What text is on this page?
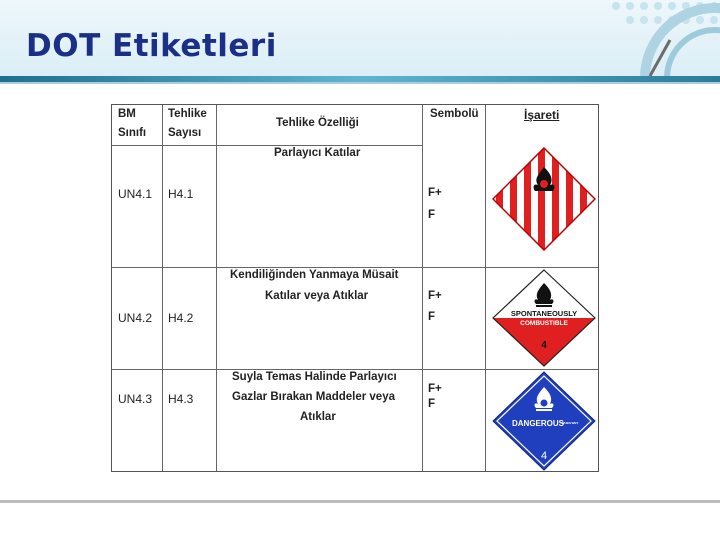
DOT Etiketleri
BM
Sınıfı
Tehlike
Sayısı
Tehlike Özelliği
Sembolü	İşareti
Parlayıcı Katılar
UN4.1 H4.1	F+
F
Kendiliğinden Yanmaya Müsait
Katılar veya Atıklar
UN4.2 H4.2
F+
F
Suyla Temas Halinde Parlayıcı
Gazlar Bırakan Maddeler veya
Atıklar
UN4.3 H4.3
F+
F
SPONTANEOUSLY
COMBUSTIBLE
4
DANGEROUS
WHEN WET
4
